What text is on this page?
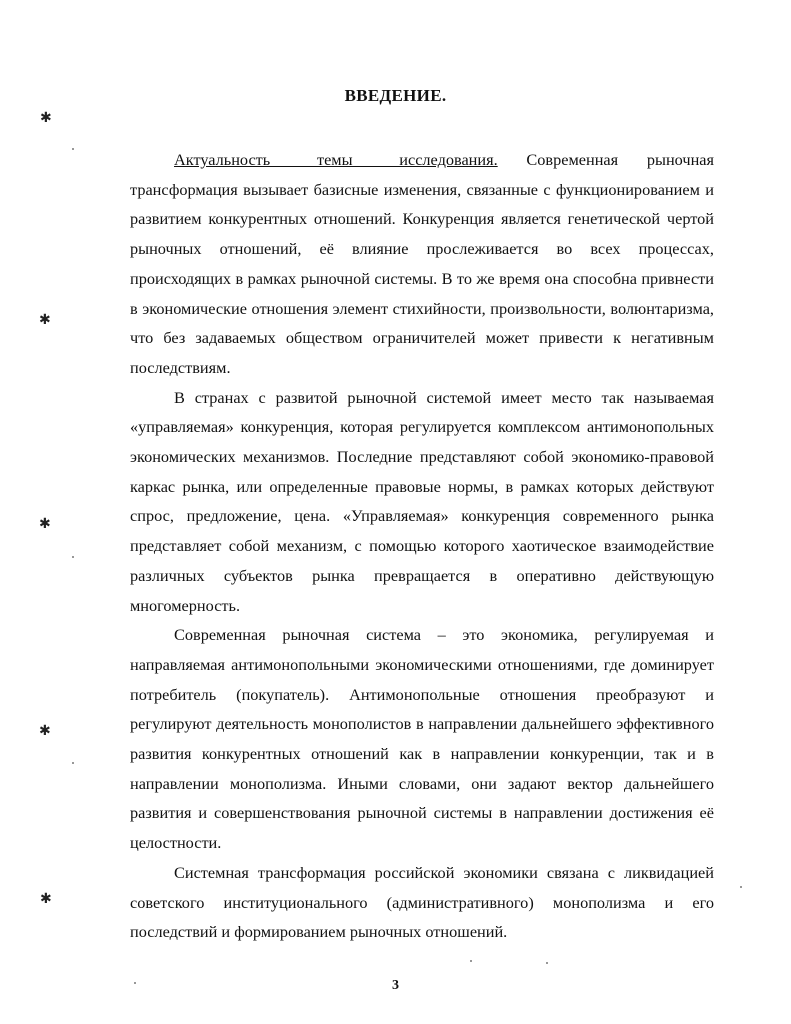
ВВЕДЕНИЕ.

Актуальность темы исследования. Современная рыночная трансформация вызывает базисные изменения, связанные с функционированием и развитием конкурентных отношений. Конкуренция является генетической чертой рыночных отношений, её влияние прослеживается во всех процессах, происходящих в рамках рыночной системы. В то же время она способна привнести в экономические отношения элемент стихийности, произвольности, волюнтаризма, что без задаваемых обществом ограничителей может привести к негативным последствиям.

В странах с развитой рыночной системой имеет место так называемая «управляемая» конкуренция, которая регулируется комплексом антимонопольных экономических механизмов. Последние представляют собой экономико-правовой каркас рынка, или определенные правовые нормы, в рамках которых действуют спрос, предложение, цена. «Управляемая» конкуренция современного рынка представляет собой механизм, с помощью которого хаотическое взаимодействие различных субъектов рынка превращается в оперативно действующую многомерность.

Современная рыночная система – это экономика, регулируемая и направляемая антимонопольными экономическими отношениями, где доминирует потребитель (покупатель). Антимонопольные отношения преобразуют и регулируют деятельность монополистов в направлении дальнейшего эффективного развития конкурентных отношений как в направлении конкуренции, так и в направлении монополизма. Иными словами, они задают вектор дальнейшего развития и совершенствования рыночной системы в направлении достижения её целостности.

Системная трансформация российской экономики связана с ликвидацией советского институционального (административного) монополизма и его последствий и формированием рыночных отношений.

3
✱
✱
✱
✱
✱
